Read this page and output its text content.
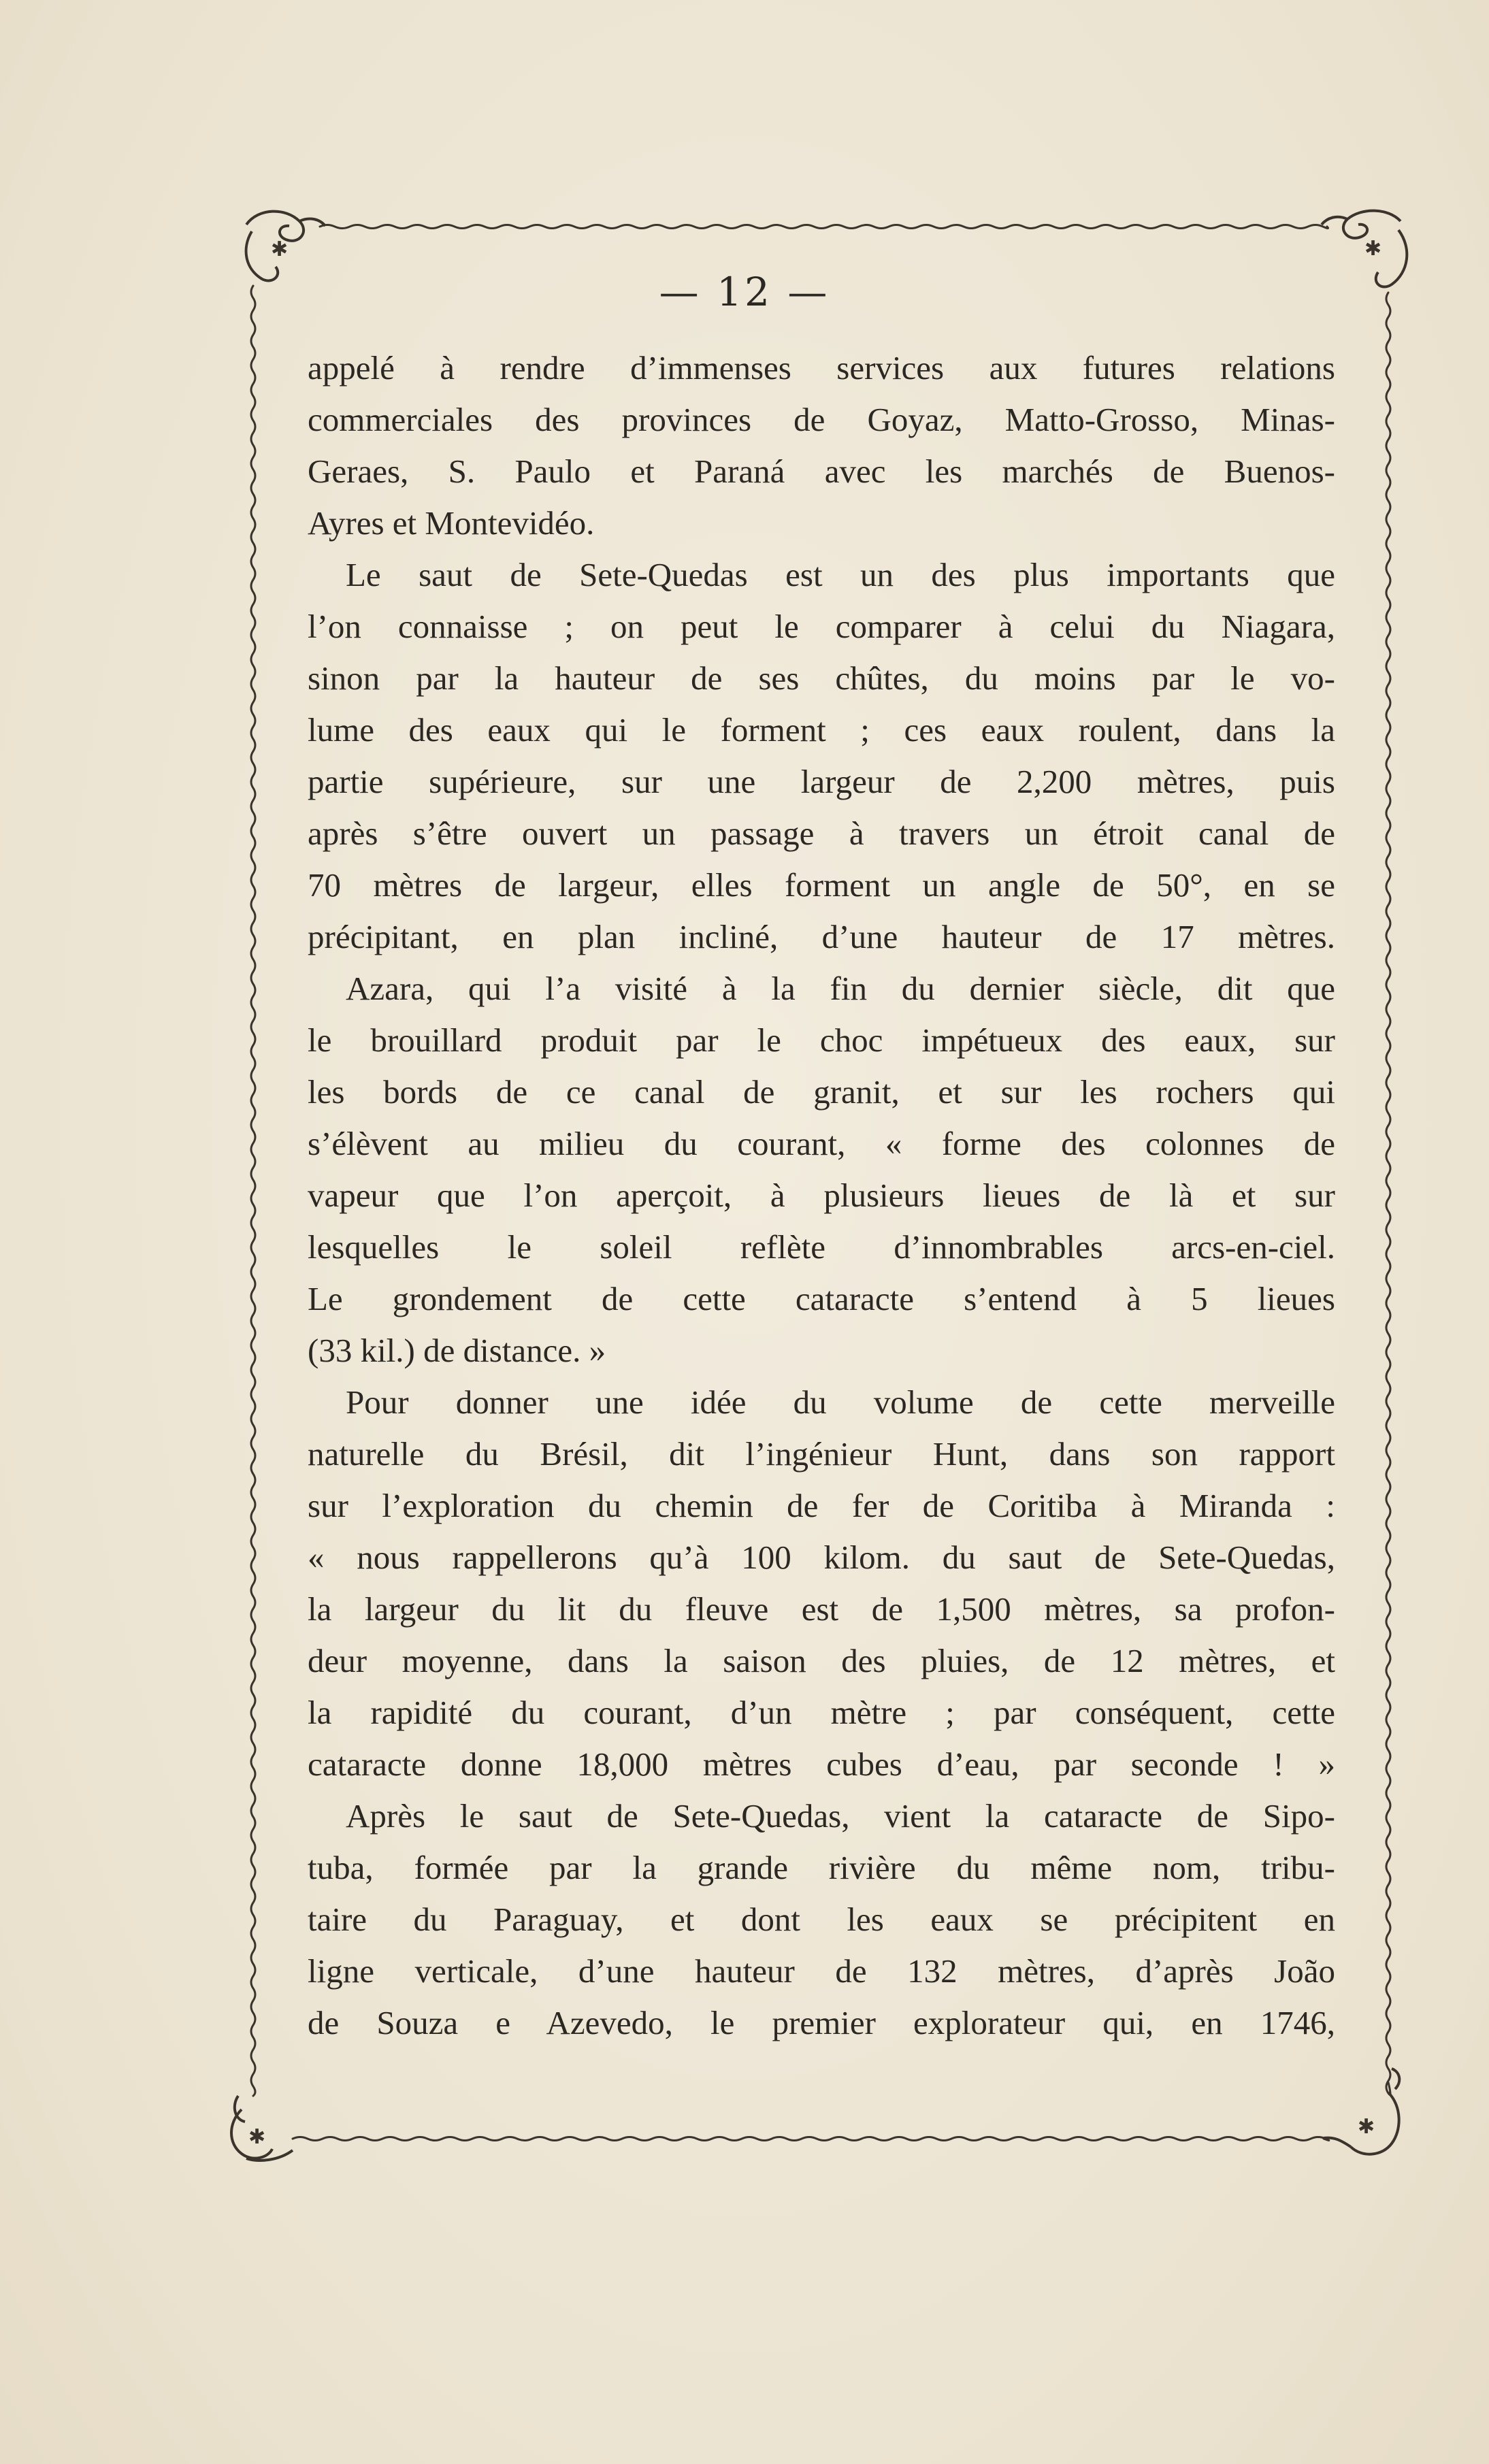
✱	✱
✱	✱
— 12 —
appelé à rendre d’immenses services aux futures relations
commerciales des provinces de Goyaz, Matto-Grosso, Minas-
Geraes, S. Paulo et Paraná avec les marchés de Buenos-
Ayres et Montevidéo.
Le saut de Sete-Quedas est un des plus importants que
l’on connaisse ; on peut le comparer à celui du Niagara,
sinon par la hauteur de ses chûtes, du moins par le vo-
lume des eaux qui le forment ; ces eaux roulent, dans la
partie supérieure, sur une largeur de 2,200 mètres, puis
après s’être ouvert un passage à travers un étroit canal de
70 mètres de largeur, elles forment un angle de 50°, en se
précipitant, en plan incliné, d’une hauteur de 17 mètres.
Azara, qui l’a visité à la fin du dernier siècle, dit que
le brouillard produit par le choc impétueux des eaux, sur
les bords de ce canal de granit, et sur les rochers qui
s’élèvent au milieu du courant, « forme des colonnes de
vapeur que l’on aperçoit, à plusieurs lieues de là et sur
lesquelles le soleil reflète d’innombrables arcs-en-ciel.
Le grondement de cette cataracte s’entend à 5 lieues
(33 kil.) de distance. »
Pour donner une idée du volume de cette merveille
naturelle du Brésil, dit l’ingénieur Hunt, dans son rapport
sur l’exploration du chemin de fer de Coritiba à Miranda :
« nous rappellerons qu’à 100 kilom. du saut de Sete-Quedas,
la largeur du lit du fleuve est de 1,500 mètres, sa profon-
deur moyenne, dans la saison des pluies, de 12 mètres, et
la rapidité du courant, d’un mètre ; par conséquent, cette
cataracte donne 18,000 mètres cubes d’eau, par seconde ! »
Après le saut de Sete-Quedas, vient la cataracte de Sipo-
tuba, formée par la grande rivière du même nom, tribu-
taire du Paraguay, et dont les eaux se précipitent en
ligne verticale, d’une hauteur de 132 mètres, d’après João
de Souza e Azevedo, le premier explorateur qui, en 1746,
